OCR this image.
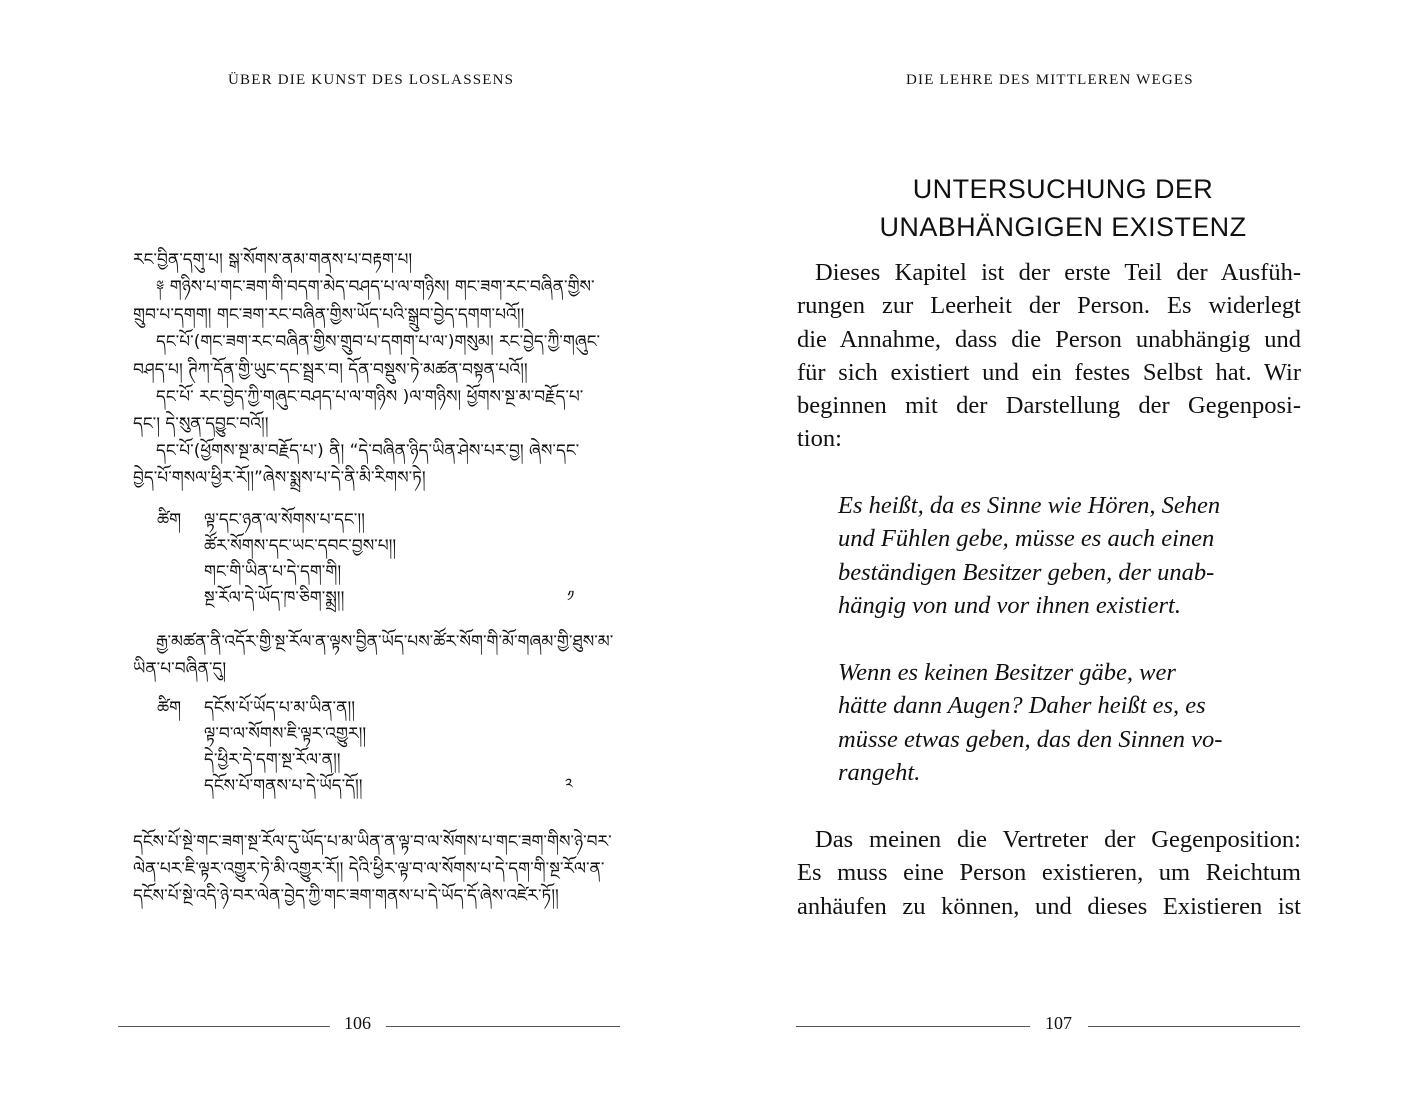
ÜBER DIE KUNST DES LOSLASSENS
རང་བྱིན་དགུ་པ། སྒ་སོགས་ནམ་གནས་པ་བརྟག་པ།
༈ གཉིས་པ་གང་ཟག་གི་བདག་མེད་བཤད་པ་ལ་གཉིས། གང་ཟག་རང་བཞིན་གྱིས་
གྲུབ་པ་དགག། གང་ཟག་རང་བཞིན་གྱིས་ཡོད་པའི་སྒྲུབ་བྱེད་དགག་པའོ།།
དང་པོ་(གང་ཟག་རང་བཞིན་གྱིས་གྲུབ་པ་དགག་པ་ལ་)གསུམ། རང་བྱེད་ཀྱི་གཞུང་
བཤད་པ། ཊིཀ་དོན་གྱི་ཡུང་དང་སྦྲར་བ། དོན་བསྡུས་ཏེ་མཚན་བསྟན་པའོ།།
དང་པོ་ རང་བྱེད་ཀྱི་གཞུང་བཤད་པ་ལ་གཉིས )ལ་གཉིས། ཕྱོགས་སྔ་མ་བརྗོད་པ་
དང་། དེ་སུན་དབྱུང་བའོ།།
དང་པོ་(ཕྱོགས་སྔ་མ་བརྗོད་པ་) ནི། “དེ་བཞིན་ཉིད་ཡིན་ཤེས་པར་བྱ། ཞེས་དང་
བྱེད་པོ་གསལ་ཕྱིར་རོ།།”ཞེས་སྨྲས་པ་དེ་ནི་མི་རིགས་ཏེ།
ཚིག ལྟ་དང་ཉན་ལ་སོགས་པ་དང་།།
ཚོར་སོགས་དང་ཡང་དབང་བྱས་པ།།
གང་གི་ཡིན་པ་དེ་དག་གི།
སྔ་རོལ་དེ་ཡོད་ཁ་ཅིག་སྨྲ།།	༡
རྒྱ་མཚན་ནི་འདོར་གྱི་སྔ་རོལ་ན་ལྟས་བྱིན་ཡོད་པས་ཚོར་སོག་གི་མོ་གཞམ་གྱི་ཐུས་མ་
ཡིན་པ་བཞིན་དུ།
ཚིག དངོས་པོ་ཡོད་པ་མ་ཡིན་ན།།
ལྟ་བ་ལ་སོགས་ཇི་ལྟར་འགྱུར།།
དེ་ཕྱིར་དེ་དག་སྔ་རོལ་ན།།
དངོས་པོ་གནས་པ་དེ་ཡོད་དོ།།	༢
དངོས་པོ་སྔེ་གང་ཟག་སྔ་རོལ་དུ་ཡོད་པ་མ་ཡིན་ན་ལྟ་བ་ལ་སོགས་པ་གང་ཟག་གིས་ཉེ་བར་
ལེན་པར་ཇི་ལྟར་འགྱུར་ཏེ་མི་འགྱུར་རོ།། དེའི་ཕྱིར་ལྟ་བ་ལ་སོགས་པ་དེ་དག་གི་སྔ་རོལ་ན་
དངོས་པོ་སྔེ་འདི་ཉེ་བར་ལེན་བྱེད་ཀྱི་གང་ཟག་གནས་པ་དེ་ཡོད་དོ་ཞེས་འཛེར་ཏོ།།
106
DIE LEHRE DES MITTLEREN WEGES
UNTERSUCHUNG DER
UNABHÄNGIGEN EXISTENZ
Dieses Kapitel ist der erste Teil der Ausfüh-
rungen zur Leerheit der Person. Es widerlegt
die Annahme, dass die Person unabhängig und
für sich existiert und ein festes Selbst hat. Wir
beginnen mit der Darstellung der Gegenposi-
tion:
Es heißt, da es Sinne wie Hören, Sehen
und Fühlen gebe, müsse es auch einen
beständigen Besitzer geben, der unab-
hängig von und vor ihnen existiert.
Wenn es keinen Besitzer gäbe, wer
hätte dann Augen? Daher heißt es, es
müsse etwas geben, das den Sinnen vo-
rangeht.
Das meinen die Vertreter der Gegenposition:
Es muss eine Person existieren, um Reichtum
anhäufen zu können, und dieses Existieren ist
107
